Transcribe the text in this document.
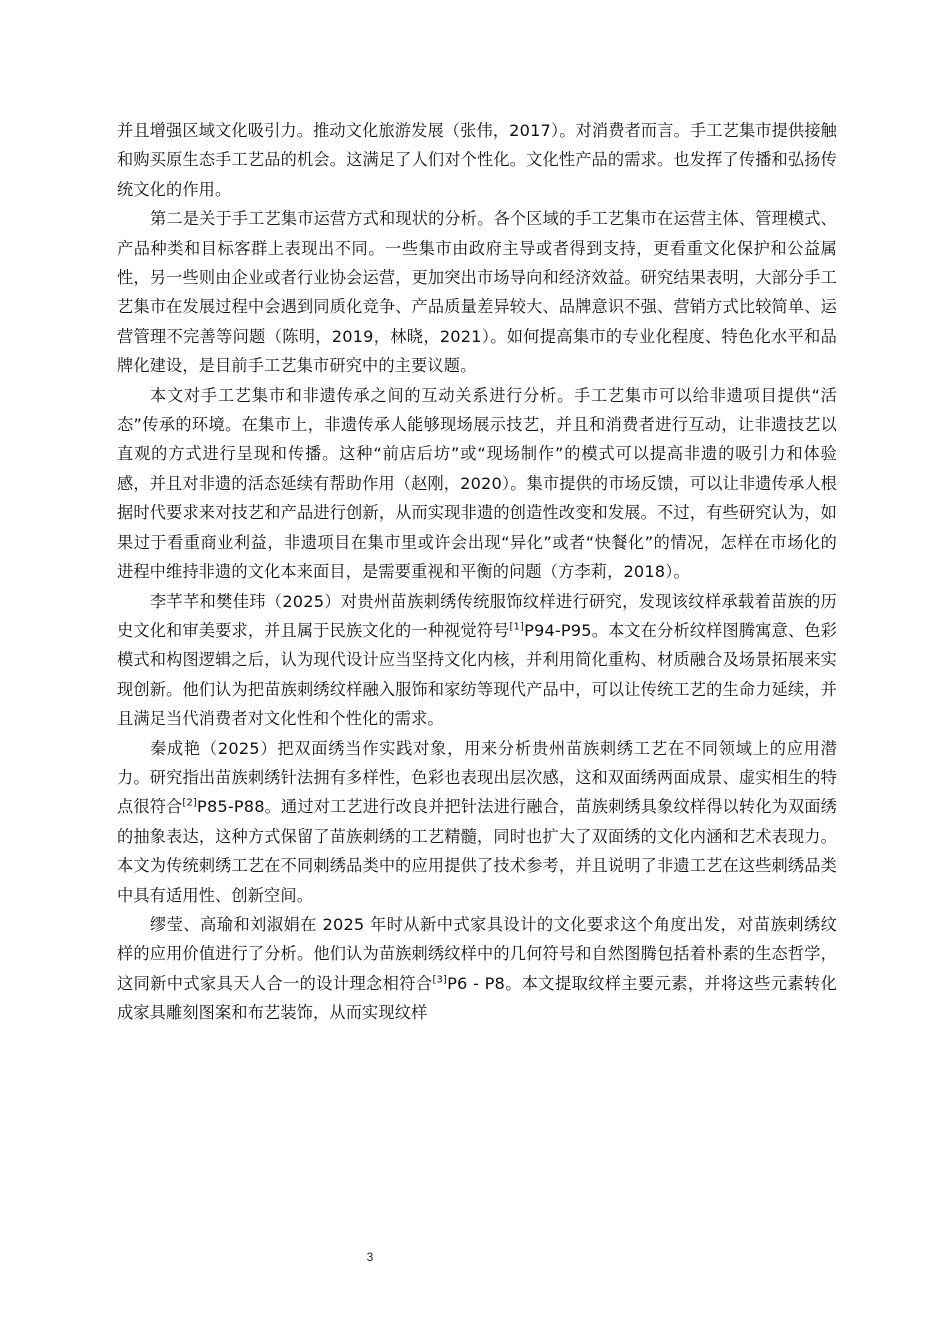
并且增强区域文化吸引力。推动文化旅游发展（张伟，2017）。对消费者而言。手工艺集市提供接触和购买原生态手工艺品的机会。这满足了人们对个性化。文化性产品的需求。也发挥了传播和弘扬传统文化的作用。

第二是关于手工艺集市运营方式和现状的分析。各个区域的手工艺集市在运营主体、管理模式、产品种类和目标客群上表现出不同。一些集市由政府主导或者得到支持，更看重文化保护和公益属性，另一些则由企业或者行业协会运营，更加突出市场导向和经济效益。研究结果表明，大部分手工艺集市在发展过程中会遇到同质化竞争、产品质量差异较大、品牌意识不强、营销方式比较简单、运营管理不完善等问题（陈明，2019，林晓，2021）。如何提高集市的专业化程度、特色化水平和品牌化建设，是目前手工艺集市研究中的主要议题。

本文对手工艺集市和非遗传承之间的互动关系进行分析。手工艺集市可以给非遗项目提供“活态”传承的环境。在集市上，非遗传承人能够现场展示技艺，并且和消费者进行互动，让非遗技艺以直观的方式进行呈现和传播。这种“前店后坊”或“现场制作”的模式可以提高非遗的吸引力和体验感，并且对非遗的活态延续有帮助作用（赵刚，2020）。集市提供的市场反馈，可以让非遗传承人根据时代要求来对技艺和产品进行创新，从而实现非遗的创造性改变和发展。不过，有些研究认为，如果过于看重商业利益，非遗项目在集市里或许会出现“异化”或者“快餐化”的情况，怎样在市场化的进程中维持非遗的文化本来面目，是需要重视和平衡的问题（方李莉，2018）。

李芊芊和樊佳玮（2025）对贵州苗族刺绣传统服饰纹样进行研究，发现该纹样承载着苗族的历史文化和审美要求，并且属于民族文化的一种视觉符号[1]P94-P95。本文在分析纹样图腾寓意、色彩模式和构图逻辑之后，认为现代设计应当坚持文化内核，并利用简化重构、材质融合及场景拓展来实现创新。他们认为把苗族刺绣纹样融入服饰和家纺等现代产品中，可以让传统工艺的生命力延续，并且满足当代消费者对文化性和个性化的需求。

秦成艳（2025）把双面绣当作实践对象，用来分析贵州苗族刺绣工艺在不同领域上的应用潜力。研究指出苗族刺绣针法拥有多样性，色彩也表现出层次感，这和双面绣两面成景、虚实相生的特点很符合[2]P85-P88。通过对工艺进行改良并把针法进行融合，苗族刺绣具象纹样得以转化为双面绣的抽象表达，这种方式保留了苗族刺绣的工艺精髓，同时也扩大了双面绣的文化内涵和艺术表现力。本文为传统刺绣工艺在不同刺绣品类中的应用提供了技术参考，并且说明了非遗工艺在这些刺绣品类中具有适用性、创新空间。

缪莹、高瑜和刘淑娟在 2025 年时从新中式家具设计的文化要求这个角度出发，对苗族刺绣纹样的应用价值进行了分析。他们认为苗族刺绣纹样中的几何符号和自然图腾包括着朴素的生态哲学，这同新中式家具天人合一的设计理念相符合[3]P6 - P8。本文提取纹样主要元素，并将这些元素转化成家具雕刻图案和布艺装饰，从而实现纹样

3
